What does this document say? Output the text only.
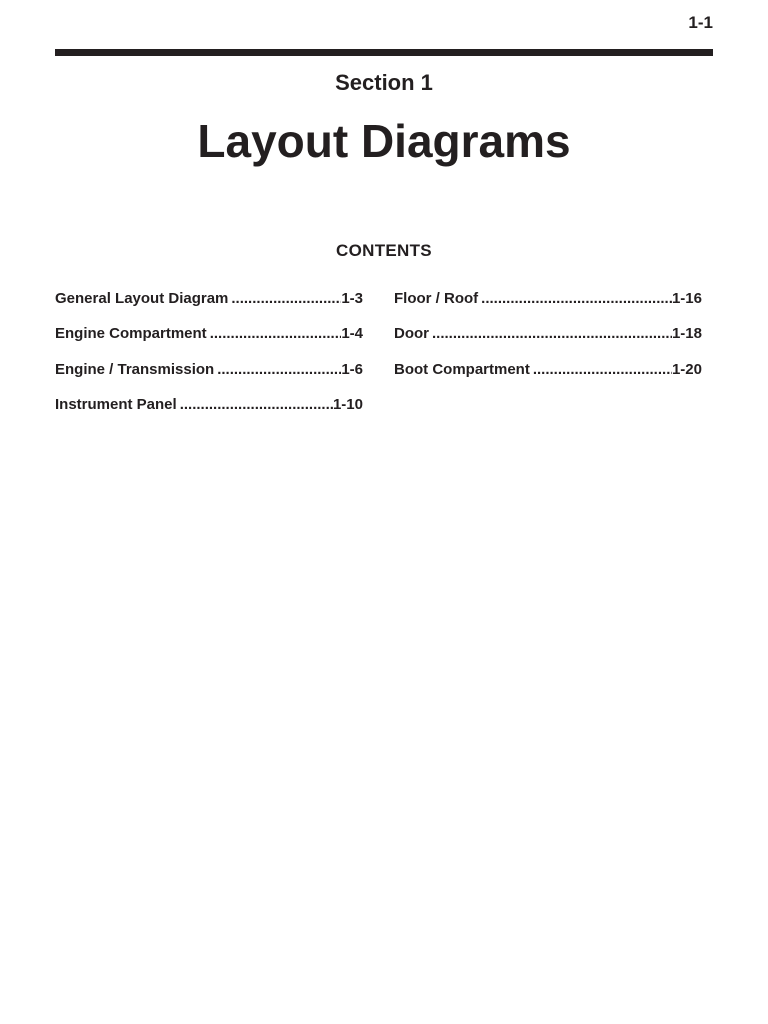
1-1
Section 1
Layout Diagrams
CONTENTS
General Layout Diagram .....	1-3
Engine Compartment .....	1-4
Engine / Transmission .....	1-6
Instrument Panel .....	1-10
Floor / Roof .....	1-16
Door .....	1-18
Boot Compartment .....	1-20
